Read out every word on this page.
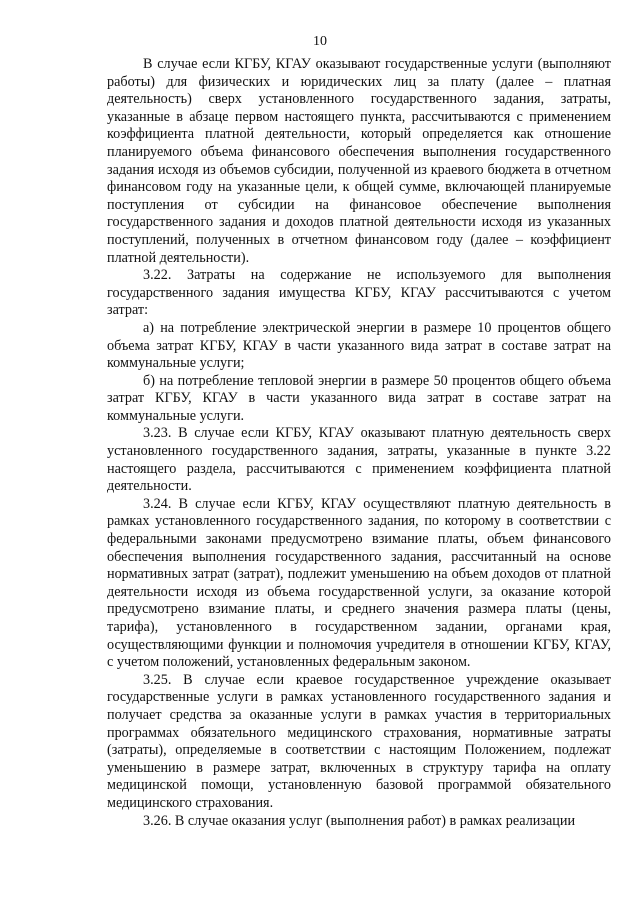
10

В случае если КГБУ, КГАУ оказывают государственные услуги (выполняют работы) для физических и юридических лиц за плату (далее – платная деятельность) сверх установленного государственного задания, затраты, указанные в абзаце первом настоящего пункта, рассчитываются с применением коэффициента платной деятельности, который определяется как отношение планируемого объема финансового обеспечения выполнения государственного задания исходя из объемов субсидии, полученной из краевого бюджета в отчетном финансовом году на указанные цели, к общей сумме, включающей планируемые поступления от субсидии на финансовое обеспечение выполнения государственного задания и доходов платной деятельности исходя из указанных поступлений, полученных в отчетном финансовом году (далее – коэффициент платной деятельности).

3.22. Затраты на содержание не используемого для выполнения государственного задания имущества КГБУ, КГАУ рассчитываются с учетом затрат:

а) на потребление электрической энергии в размере 10 процентов общего объема затрат КГБУ, КГАУ в части указанного вида затрат в составе затрат на коммунальные услуги;

б) на потребление тепловой энергии в размере 50 процентов общего объема затрат КГБУ, КГАУ в части указанного вида затрат в составе затрат на коммунальные услуги.

3.23. В случае если КГБУ, КГАУ оказывают платную деятельность сверх установленного государственного задания, затраты, указанные в пункте 3.22 настоящего раздела, рассчитываются с применением коэффициента платной деятельности.

3.24. В случае если КГБУ, КГАУ осуществляют платную деятельность в рамках установленного государственного задания, по которому в соответствии с федеральными законами предусмотрено взимание платы, объем финансового обеспечения выполнения государственного задания, рассчитанный на основе нормативных затрат (затрат), подлежит уменьшению на объем доходов от платной деятельности исходя из объема государственной услуги, за оказание которой предусмотрено взимание платы, и среднего значения размера платы (цены, тарифа), установленного в государственном задании, органами края, осуществляющими функции и полномочия учредителя в отношении КГБУ, КГАУ, с учетом положений, установленных федеральным законом.

3.25. В случае если краевое государственное учреждение оказывает государственные услуги в рамках установленного государственного задания и получает средства за оказанные услуги в рамках участия в территориальных программах обязательного медицинского страхования, нормативные затраты (затраты), определяемые в соответствии с настоящим Положением, подлежат уменьшению в размере затрат, включенных в структуру тарифа на оплату медицинской помощи, установленную базовой программой обязательного медицинского страхования.

3.26. В случае оказания услуг (выполнения работ) в рамках реализации
